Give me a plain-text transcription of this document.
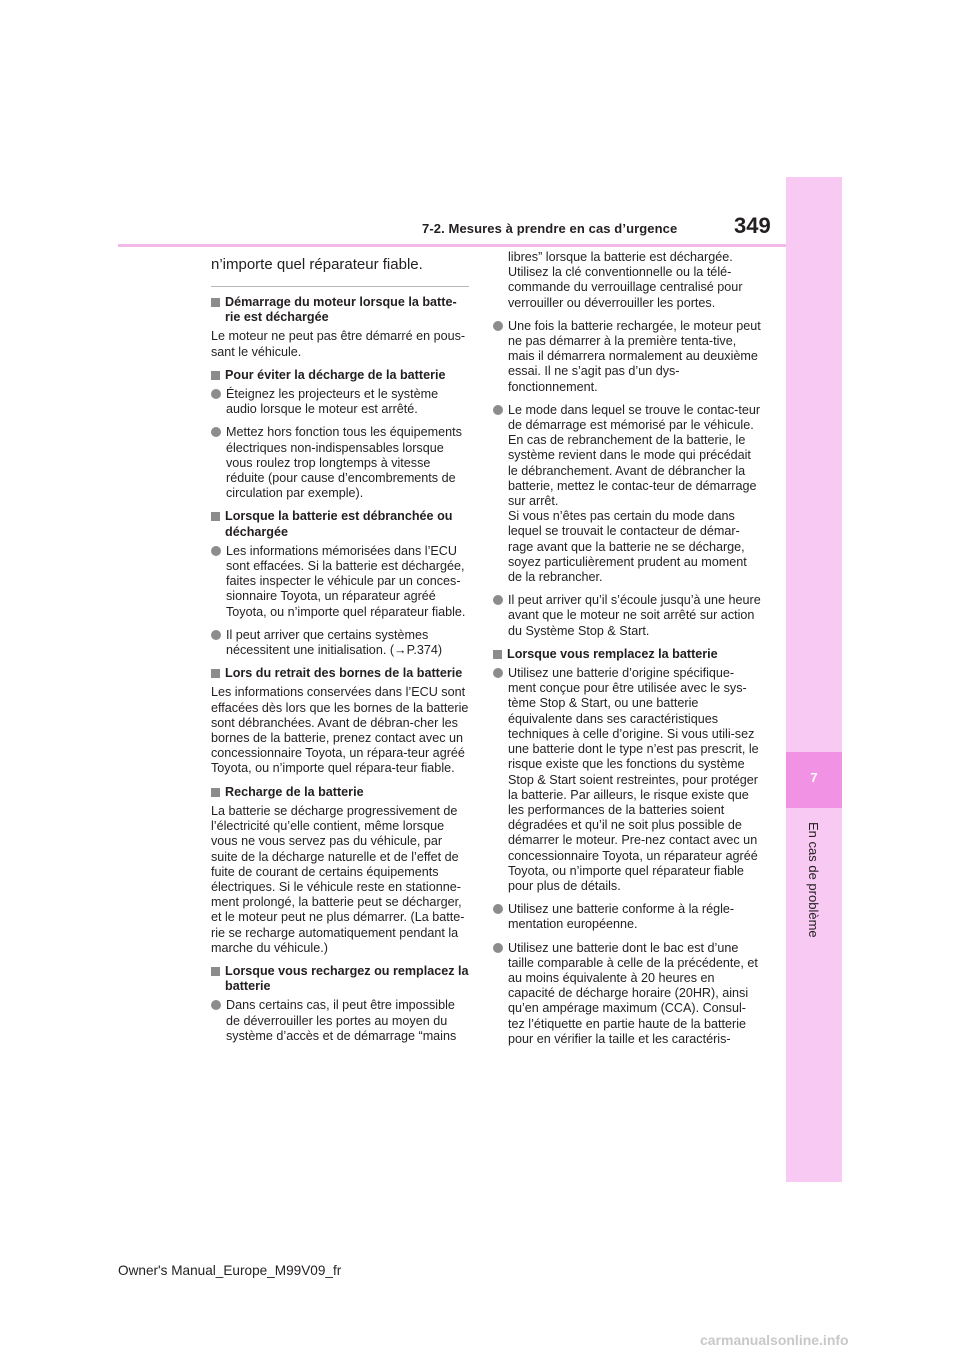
7-2. Mesures à prendre en cas d’urgence	349
7
En cas de problème
n’importe quel réparateur fiable.
Démarrage du moteur lorsque la batte-rie est déchargée
Le moteur ne peut pas être démarré en pous-sant le véhicule.
Pour éviter la décharge de la batterie
Éteignez les projecteurs et le système audio lorsque le moteur est arrêté.
Mettez hors fonction tous les équipements électriques non-indispensables lorsque vous roulez trop longtemps à vitesse réduite (pour cause d’encombrements de circulation par exemple).
Lorsque la batterie est débranchée ou déchargée
Les informations mémorisées dans l’ECU sont effacées. Si la batterie est déchargée, faites inspecter le véhicule par un conces-sionnaire Toyota, un réparateur agréé Toyota, ou n’importe quel réparateur fiable.
Il peut arriver que certains systèmes nécessitent une initialisation. (→P.374)
Lors du retrait des bornes de la batterie
Les informations conservées dans l’ECU sont effacées dès lors que les bornes de la batterie sont débranchées. Avant de débran-cher les bornes de la batterie, prenez contact avec un concessionnaire Toyota, un répara-teur agréé Toyota, ou n’importe quel répara-teur fiable.
Recharge de la batterie
La batterie se décharge progressivement de l’électricité qu’elle contient, même lorsque vous ne vous servez pas du véhicule, par suite de la décharge naturelle et de l’effet de fuite de courant de certains équipements électriques. Si le véhicule reste en stationne-ment prolongé, la batterie peut se décharger, et le moteur peut ne plus démarrer. (La batte-rie se recharge automatiquement pendant la marche du véhicule.)
Lorsque vous rechargez ou remplacez la batterie
Dans certains cas, il peut être impossible de déverrouiller les portes au moyen du système d’accès et de démarrage “mains
libres” lorsque la batterie est déchargée. Utilisez la clé conventionnelle ou la télé-commande du verrouillage centralisé pour verrouiller ou déverrouiller les portes.
Une fois la batterie rechargée, le moteur peut ne pas démarrer à la première tenta-tive, mais il démarrera normalement au deuxième essai. Il ne s’agit pas d’un dys-fonctionnement.
Le mode dans lequel se trouve le contac-teur de démarrage est mémorisé par le véhicule. En cas de rebranchement de la batterie, le système revient dans le mode qui précédait le débranchement. Avant de débrancher la batterie, mettez le contac-teur de démarrage sur arrêt.
Si vous n’êtes pas certain du mode dans lequel se trouvait le contacteur de démar-rage avant que la batterie ne se décharge, soyez particulièrement prudent au moment de la rebrancher.
Il peut arriver qu’il s’écoule jusqu’à une heure avant que le moteur ne soit arrêté sur action du Système Stop & Start.
Lorsque vous remplacez la batterie
Utilisez une batterie d’origine spécifique-ment conçue pour être utilisée avec le sys-tème Stop & Start, ou une batterie équivalente dans ses caractéristiques techniques à celle d’origine. Si vous utili-sez une batterie dont le type n’est pas prescrit, le risque existe que les fonctions du système Stop & Start soient restreintes, pour protéger la batterie. Par ailleurs, le risque existe que les performances de la batteries soient dégradées et qu’il ne soit plus possible de démarrer le moteur. Pre-nez contact avec un concessionnaire Toyota, un réparateur agréé Toyota, ou n’importe quel réparateur fiable pour plus de détails.
Utilisez une batterie conforme à la régle-mentation européenne.
Utilisez une batterie dont le bac est d’une taille comparable à celle de la précédente, et au moins équivalente à 20 heures en capacité de décharge horaire (20HR), ainsi qu’en ampérage maximum (CCA). Consul-tez l’étiquette en partie haute de la batterie pour en vérifier la taille et les caractéris-
Owner's Manual_Europe_M99V09_fr
carmanualsonline.info
